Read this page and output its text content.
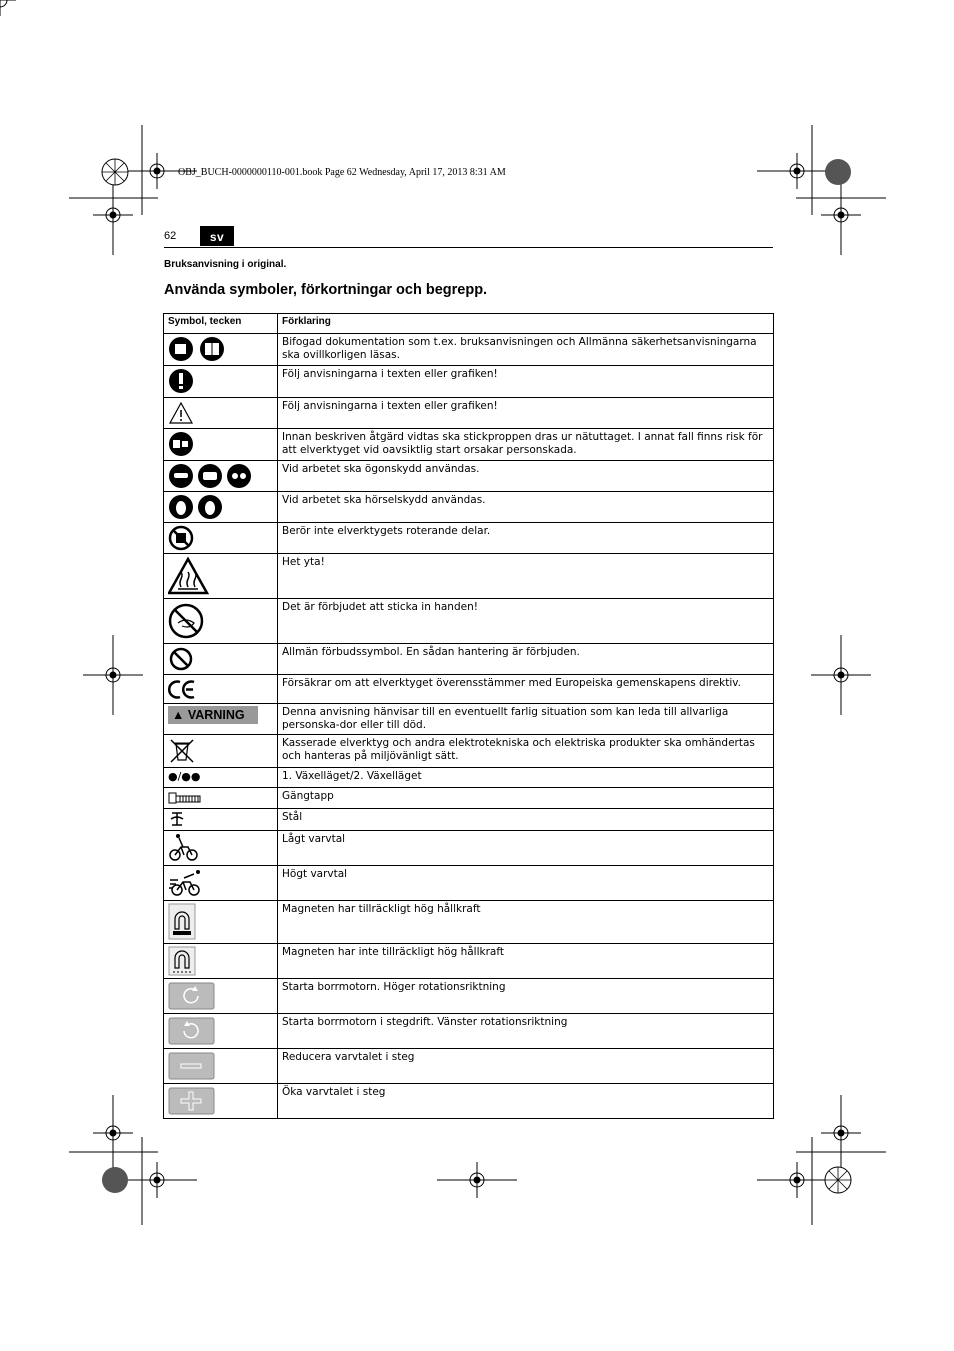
OBJ_BUCH-0000000110-001.book Page 62 Wednesday, April 17, 2013 8:31 AM
62	sv
Bruksanvisning i original.
Använda symboler, förkortningar och begrepp.
Symbol, tecken	Förklaring

	Bifogad dokumentation som t.ex. bruksanvisningen och Allmänna säkerhetsanvisningarna ska ovillkorligen läsas.

	Följ anvisningarna i texten eller grafiken!

	Följ anvisningarna i texten eller grafiken!

	Innan beskriven åtgärd vidtas ska stickproppen dras ur nätuttaget. I annat fall finns risk för att elverktyget vid oavsiktlig start orsakar personskada.

	Vid arbetet ska ögonskydd användas.

	Vid arbetet ska hörselskydd användas.

	Berör inte elverktygets roterande delar.

	Het yta!

	Det är förbjudet att sticka in handen!

	Allmän förbudssymbol. En sådan hantering är förbjuden.

	Försäkrar om att elverktyget överensstämmer med Europeiska gemenskapens direktiv.

▲ VARNING	Denna anvisning hänvisar till en eventuellt farlig situation som kan leda till allvarliga personska-dor eller till död.

	Kasserade elverktyg och andra elektrotekniska och elektriska produkter ska omhändertas och hanteras på miljövänligt sätt.
●/●●	1. Växelläget/2. Växelläget

	Gängtapp

	Stål

	Lågt varvtal

	Högt varvtal

	Magneten har tillräckligt hög hållkraft

	Magneten har inte tillräckligt hög hållkraft

	Starta borrmotorn. Höger rotationsriktning

	Starta borrmotorn i stegdrift. Vänster rotationsriktning

	Reducera varvtalet i steg

	Öka varvtalet i steg
